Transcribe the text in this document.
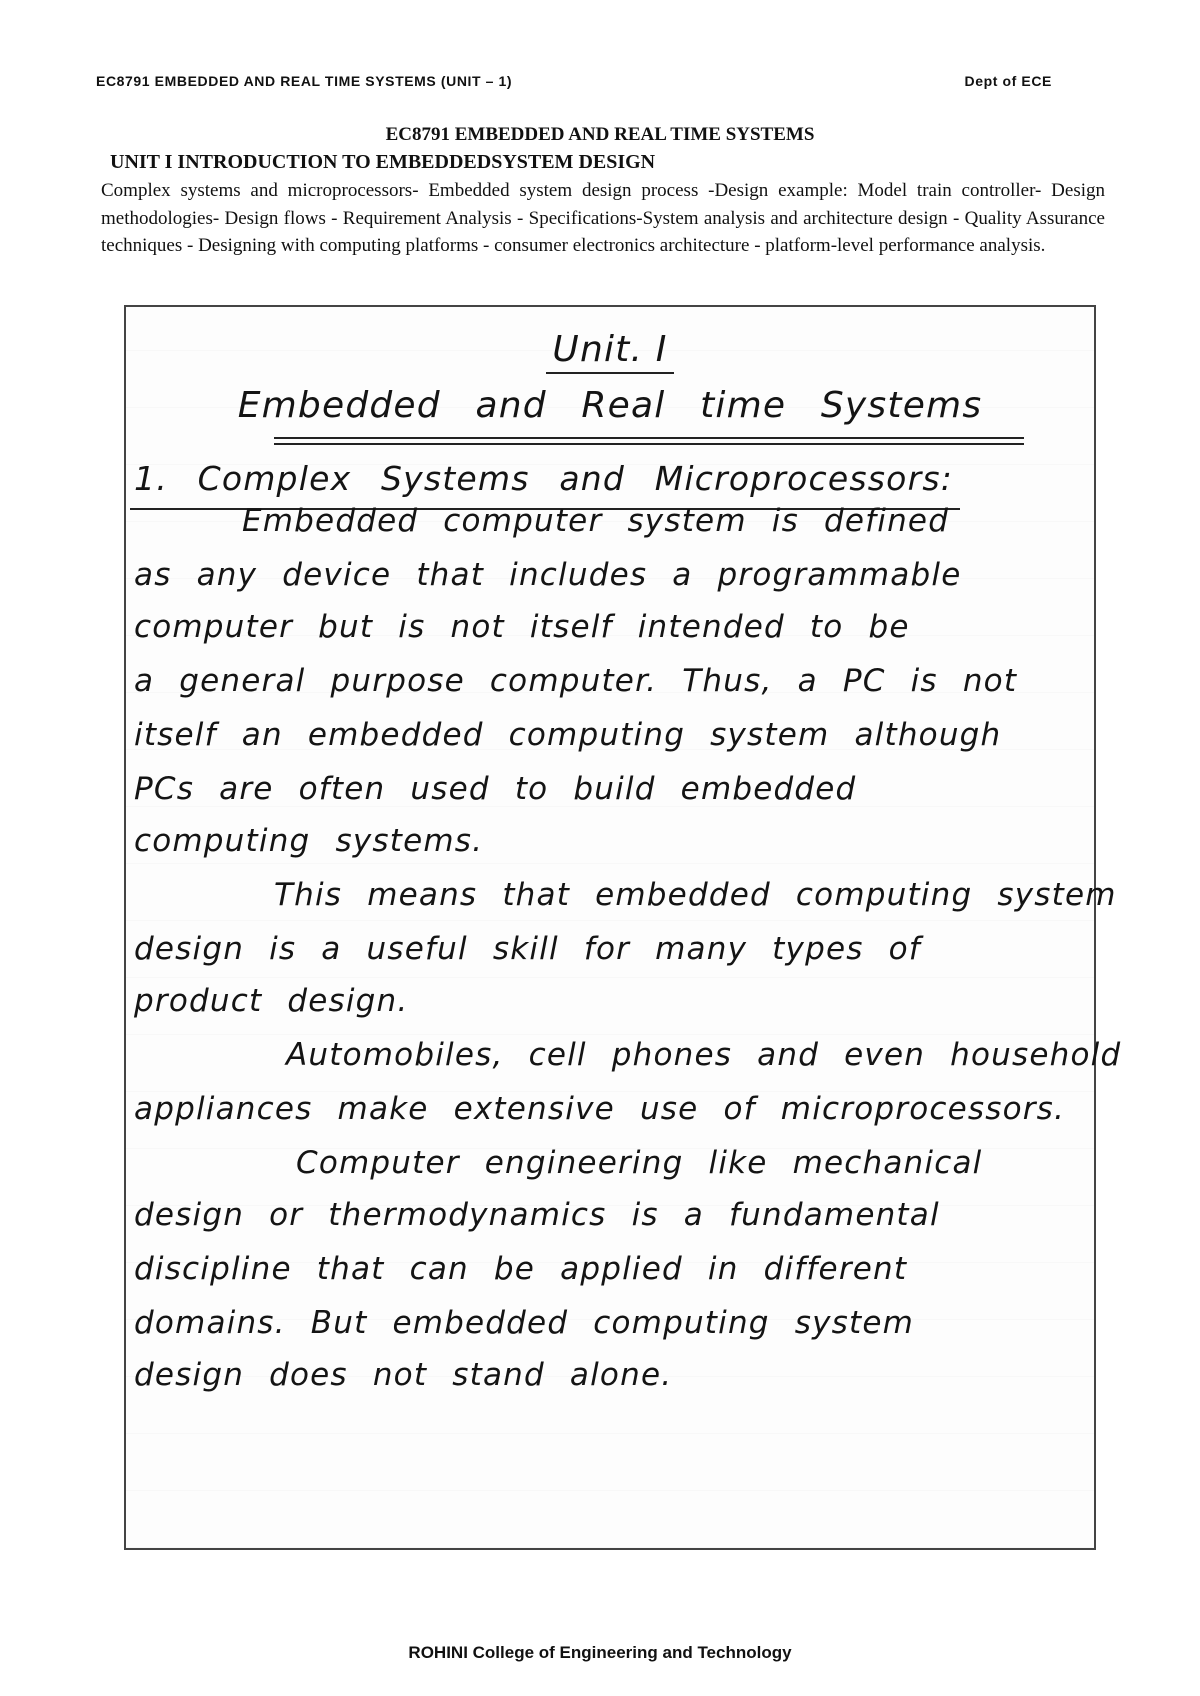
EC8791 EMBEDDED AND REAL TIME SYSTEMS (UNIT – 1)	Dept of ECE
EC8791 EMBEDDED AND REAL TIME SYSTEMS
UNIT I INTRODUCTION TO EMBEDDEDSYSTEM DESIGN
Complex systems and microprocessors- Embedded system design process -Design example: Model train controller- Design methodologies- Design flows - Requirement Analysis - Specifications-System analysis and architecture design - Quality Assurance techniques - Designing with computing platforms - consumer electronics architecture - platform-level performance analysis.
Unit. I
Embedded and Real time Systems
1. Complex Systems and Microprocessors:
Embedded computer system is defined
as any device that includes a programmable
computer but is not itself intended to be
a general purpose computer. Thus, a PC is not
itself an embedded computing system although
PCs are often used to build embedded
computing systems.
This means that embedded computing system
design is a useful skill for many types of
product design.
Automobiles, cell phones and even household
appliances make extensive use of microprocessors.
Computer engineering like mechanical
design or thermodynamics is a fundamental
discipline that can be applied in different
domains. But embedded computing system
design does not stand alone.
ROHINI College of Engineering and Technology
